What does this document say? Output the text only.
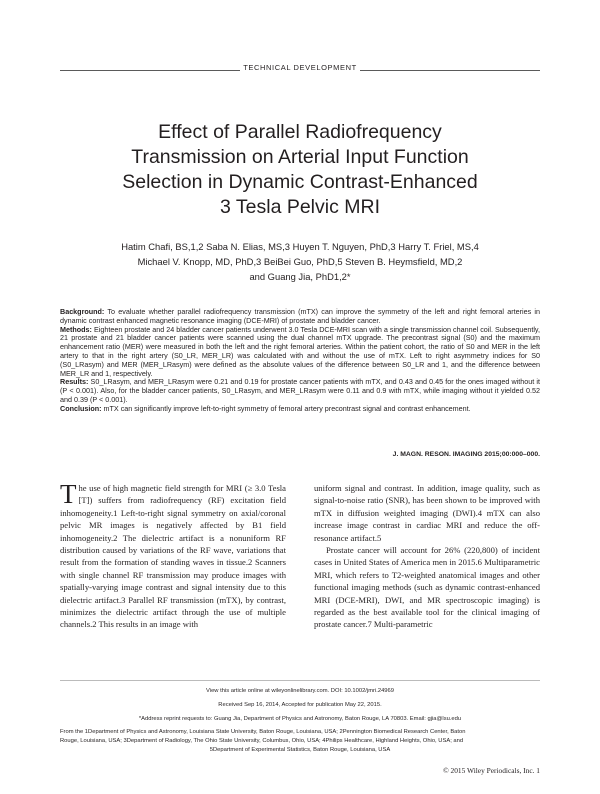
TECHNICAL DEVELOPMENT
Effect of Parallel Radiofrequency
Transmission on Arterial Input Function
Selection in Dynamic Contrast-Enhanced
3 Tesla Pelvic MRI
Hatim Chafi, BS,1,2 Saba N. Elias, MS,3 Huyen T. Nguyen, PhD,3 Harry T. Friel, MS,4
Michael V. Knopp, MD, PhD,3 BeiBei Guo, PhD,5 Steven B. Heymsfield, MD,2
and Guang Jia, PhD1,2*

Background: To evaluate whether parallel radiofrequency transmission (mTX) can improve the symmetry of the left and right femoral arteries in dynamic contrast enhanced magnetic resonance imaging (DCE-MRI) of prostate and bladder cancer.

Methods: Eighteen prostate and 24 bladder cancer patients underwent 3.0 Tesla DCE-MRI scan with a single transmission channel coil. Subsequently, 21 prostate and 21 bladder cancer patients were scanned using the dual channel mTX upgrade. The precontrast signal (S0) and the maximum enhancement ratio (MER) were measured in both the left and the right femoral arteries. Within the patient cohort, the ratio of S0 and MER in the left artery to that in the right artery (S0_LR, MER_LR) was calculated with and without the use of mTX. Left to right asymmetry indices for S0 (S0_LRasym) and MER (MER_LRasym) were defined as the absolute values of the difference between S0_LR and 1, and the difference between MER_LR and 1, respectively.

Results: S0_LRasym, and MER_LRasym were 0.21 and 0.19 for prostate cancer patients with mTX, and 0.43 and 0.45 for the ones imaged without it (P < 0.001). Also, for the bladder cancer patients, S0_LRasym, and MER_LRasym were 0.11 and 0.9 with mTX, while imaging without it yielded 0.52 and 0.39 (P < 0.001).

Conclusion: mTX can significantly improve left-to-right symmetry of femoral artery precontrast signal and contrast enhancement.

J. MAGN. RESON. IMAGING 2015;00:000–000.

The use of high magnetic field strength for MRI (≥ 3.0 Tesla [T]) suffers from radiofrequency (RF) excitation field inhomogeneity.1 Left-to-right signal symmetry on axial/coronal pelvic MR images is negatively affected by B1 field inhomogeneity.2 The dielectric artifact is a nonuniform RF distribution caused by variations of the RF wave, variations that result from the formation of standing waves in tissue.2 Scanners with single channel RF transmission may produce images with spatially-varying image contrast and signal intensity due to this dielectric artifact.3 Parallel RF transmission (mTX), by contrast, minimizes the dielectric artifact through the use of multiple channels.2 This results in an image with

uniform signal and contrast. In addition, image quality, such as signal-to-noise ratio (SNR), has been shown to be improved with mTX in diffusion weighted imaging (DWI).4 mTX can also increase image contrast in cardiac MRI and reduce the off-resonance artifact.5

Prostate cancer will account for 26% (220,800) of incident cases in United States of America men in 2015.6 Multiparametric MRI, which refers to T2-weighted anatomical images and other functional imaging methods (such as dynamic contrast-enhanced MRI (DCE-MRI), DWI, and MR spectroscopic imaging) is regarded as the best available tool for the clinical imaging of prostate cancer.7 Multi-parametric

View this article online at wileyonlinelibrary.com. DOI: 10.1002/jmri.24969

Received Sep 16, 2014, Accepted for publication May 22, 2015.

*Address reprint requests to: Guang Jia, Department of Physics and Astronomy, Baton Rouge, LA 70803. Email: gjia@lsu.edu

From the 1Department of Physics and Astronomy, Louisiana State University, Baton Rouge, Louisiana, USA; 2Pennington Biomedical Research Center, Baton

Rouge, Louisiana, USA; 3Department of Radiology, The Ohio State University, Columbus, Ohio, USA; 4Philips Healthcare, Highland Heights, Ohio, USA; and

5Department of Experimental Statistics, Baton Rouge, Louisiana, USA

© 2015 Wiley Periodicals, Inc. 1
